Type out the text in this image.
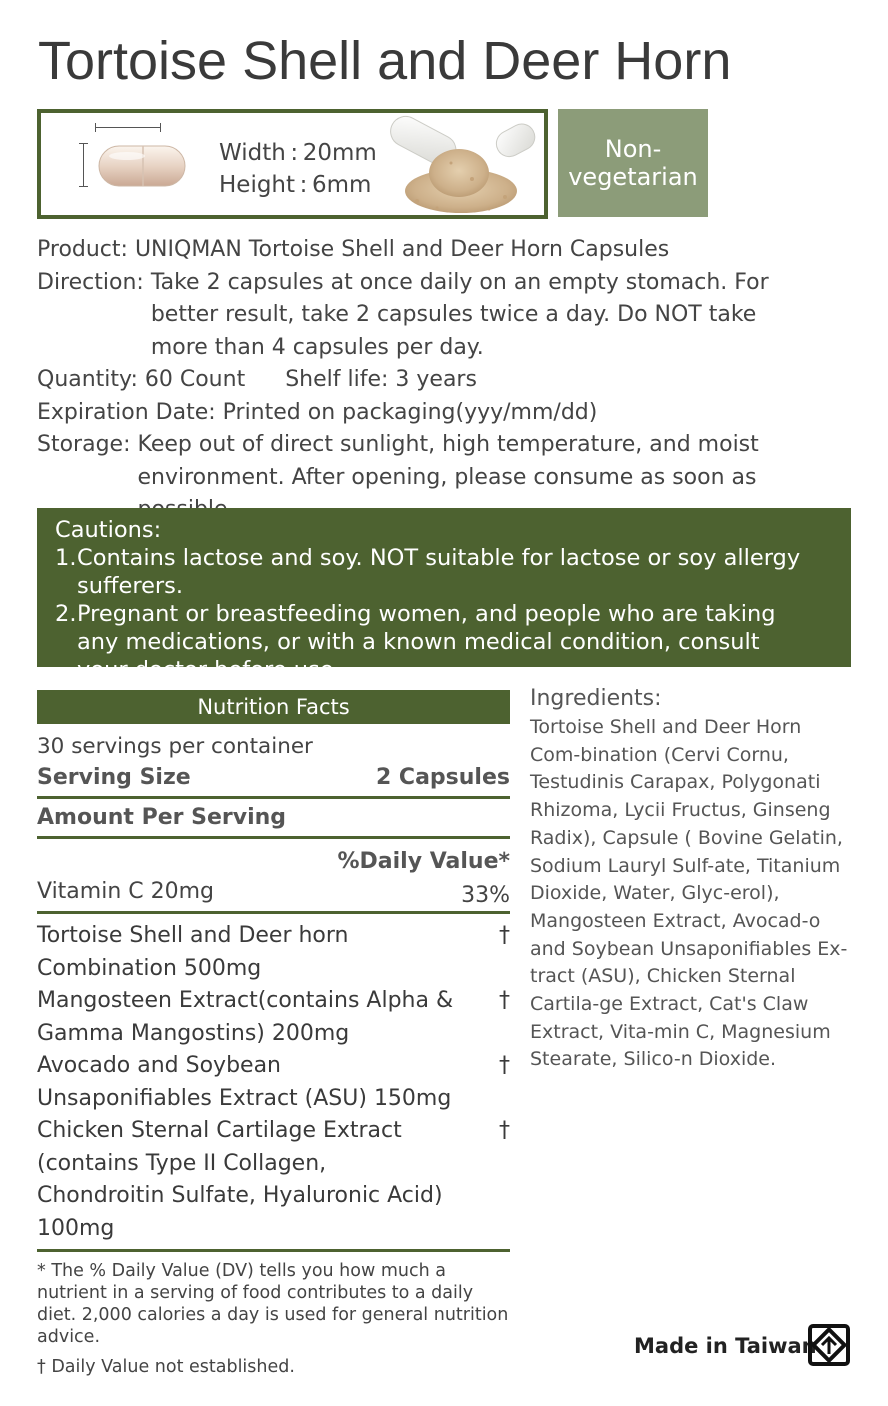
Tortoise Shell and Deer Horn
Width : 20mm
Height : 6mm
Non-
vegetarian
Product: UNIQMAN Tortoise Shell and Deer Horn Capsules
Direction:
Take 2 capsules at once daily on an empty stomach. For better result, take 2 capsules twice a day. Do NOT take more than 4 capsules per day.
Quantity: 60 Count Shelf life: 3 years
Expiration Date: Printed on packaging(yyy/mm/dd)
Storage:
Keep out of direct sunlight, high temperature, and moist environment. After opening, please consume as soon as
Cautions:
1. Contains lactose and soy. NOT suitable for lactose or soy allergy sufferers.
2. Pregnant or breastfeeding women, and people who are taking any medications, or with a known medical condition, consult your doctor before use.
Nutrition Facts
30 servings per container
Serving Size	2 Capsules
Amount Per Serving
%Daily Value*
Vitamin C 20mg	33%
Tortoise Shell and Deer horn Combination 500mg
†
Mangosteen Extract(contains Alpha & Gamma Mangostins) 200mg
†
Avocado and Soybean Unsaponifiables Extract (ASU) 150mg
†
Chicken Sternal Cartilage Extract (contains Type II Collagen, Chondroitin Sulfate, Hyaluronic Acid) 100mg
†
* The % Daily Value (DV) tells you how much a nutrient in a serving of food contributes to a daily diet. 2,000 calories a day is used for general nutrition advice.
† Daily Value not established.
Ingredients:
Tortoise Shell and Deer Horn Com-bination (Cervi Cornu, Testudinis Carapax, Polygonati Rhizoma, Lycii Fructus, Ginseng Radix), Capsule ( Bovine Gelatin, Sodium Lauryl Sulf-ate, Titanium Dioxide, Water, Glyc-erol), Mangosteen Extract, Avocad-o and Soybean Unsaponifiables Ex-tract (ASU), Chicken Sternal Cartila-ge Extract, Cat's Claw Extract, Vita-min C, Magnesium Stearate, Silico-n Dioxide.
Made in Taiwan
